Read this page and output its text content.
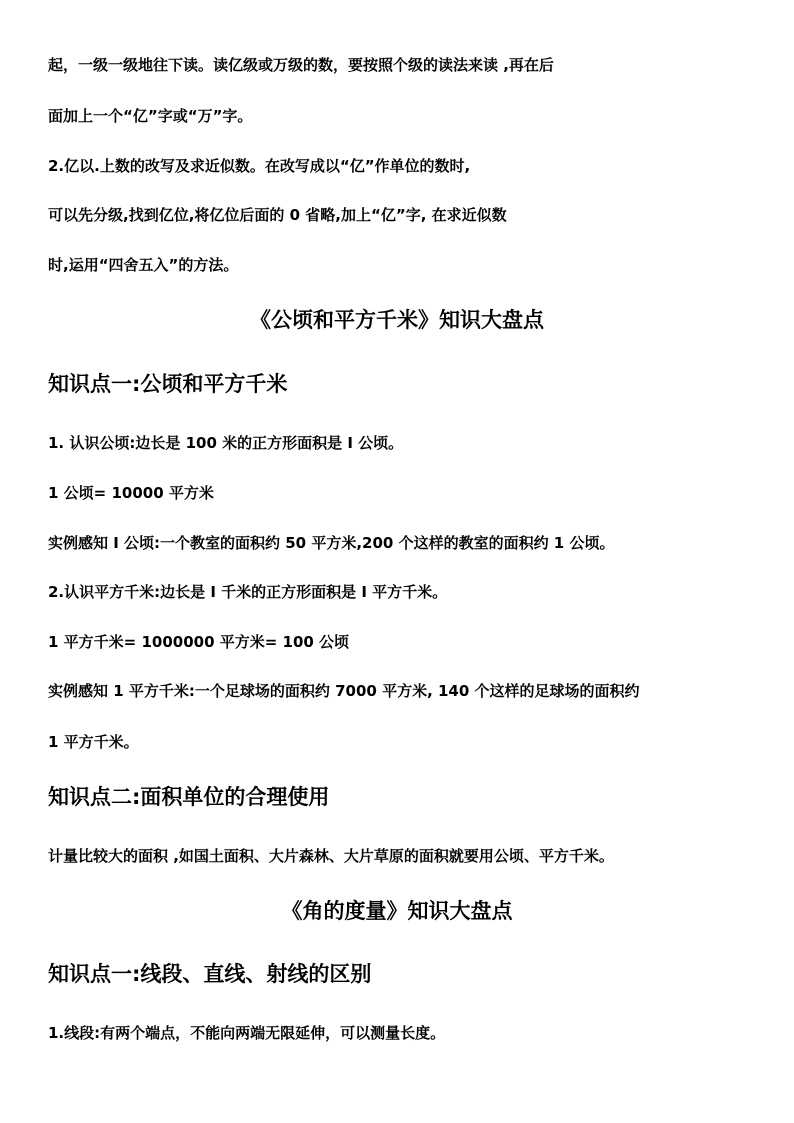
起，一级一级地往下读。读亿级或万级的数，要按照个级的读法来读 ,再在后
面加上一个“亿”字或“万”字。
2.亿以.上数的改写及求近似数。在改写成以“亿”作单位的数时,
可以先分级,找到亿位,将亿位后面的 0 省略,加上“亿”字, 在求近似数
时,运用“四舍五入”的方法。
《公顷和平方千米》知识大盘点
知识点一:公顷和平方千米
1. 认识公顷:边长是 100 米的正方形面积是 I 公顷。
1 公顷= 10000 平方米
实例感知 I 公顷:一个教室的面积约 50 平方米,200 个这样的教室的面积约 1 公顷。
2.认识平方千米:边长是 I 千米的正方形面积是 I 平方千米。
1 平方千米= 1000000 平方米= 100 公顷
实例感知 1 平方千米:一个足球场的面积约 7000 平方米, 140 个这样的足球场的面积约
1 平方千米。
知识点二:面积单位的合理使用
计量比较大的面积 ,如国土面积、大片森林、大片草原的面积就要用公顷、平方千米。
《角的度量》知识大盘点
知识点一:线段、直线、射线的区别
1.线段:有两个端点，不能向两端无限延伸，可以测量长度。
